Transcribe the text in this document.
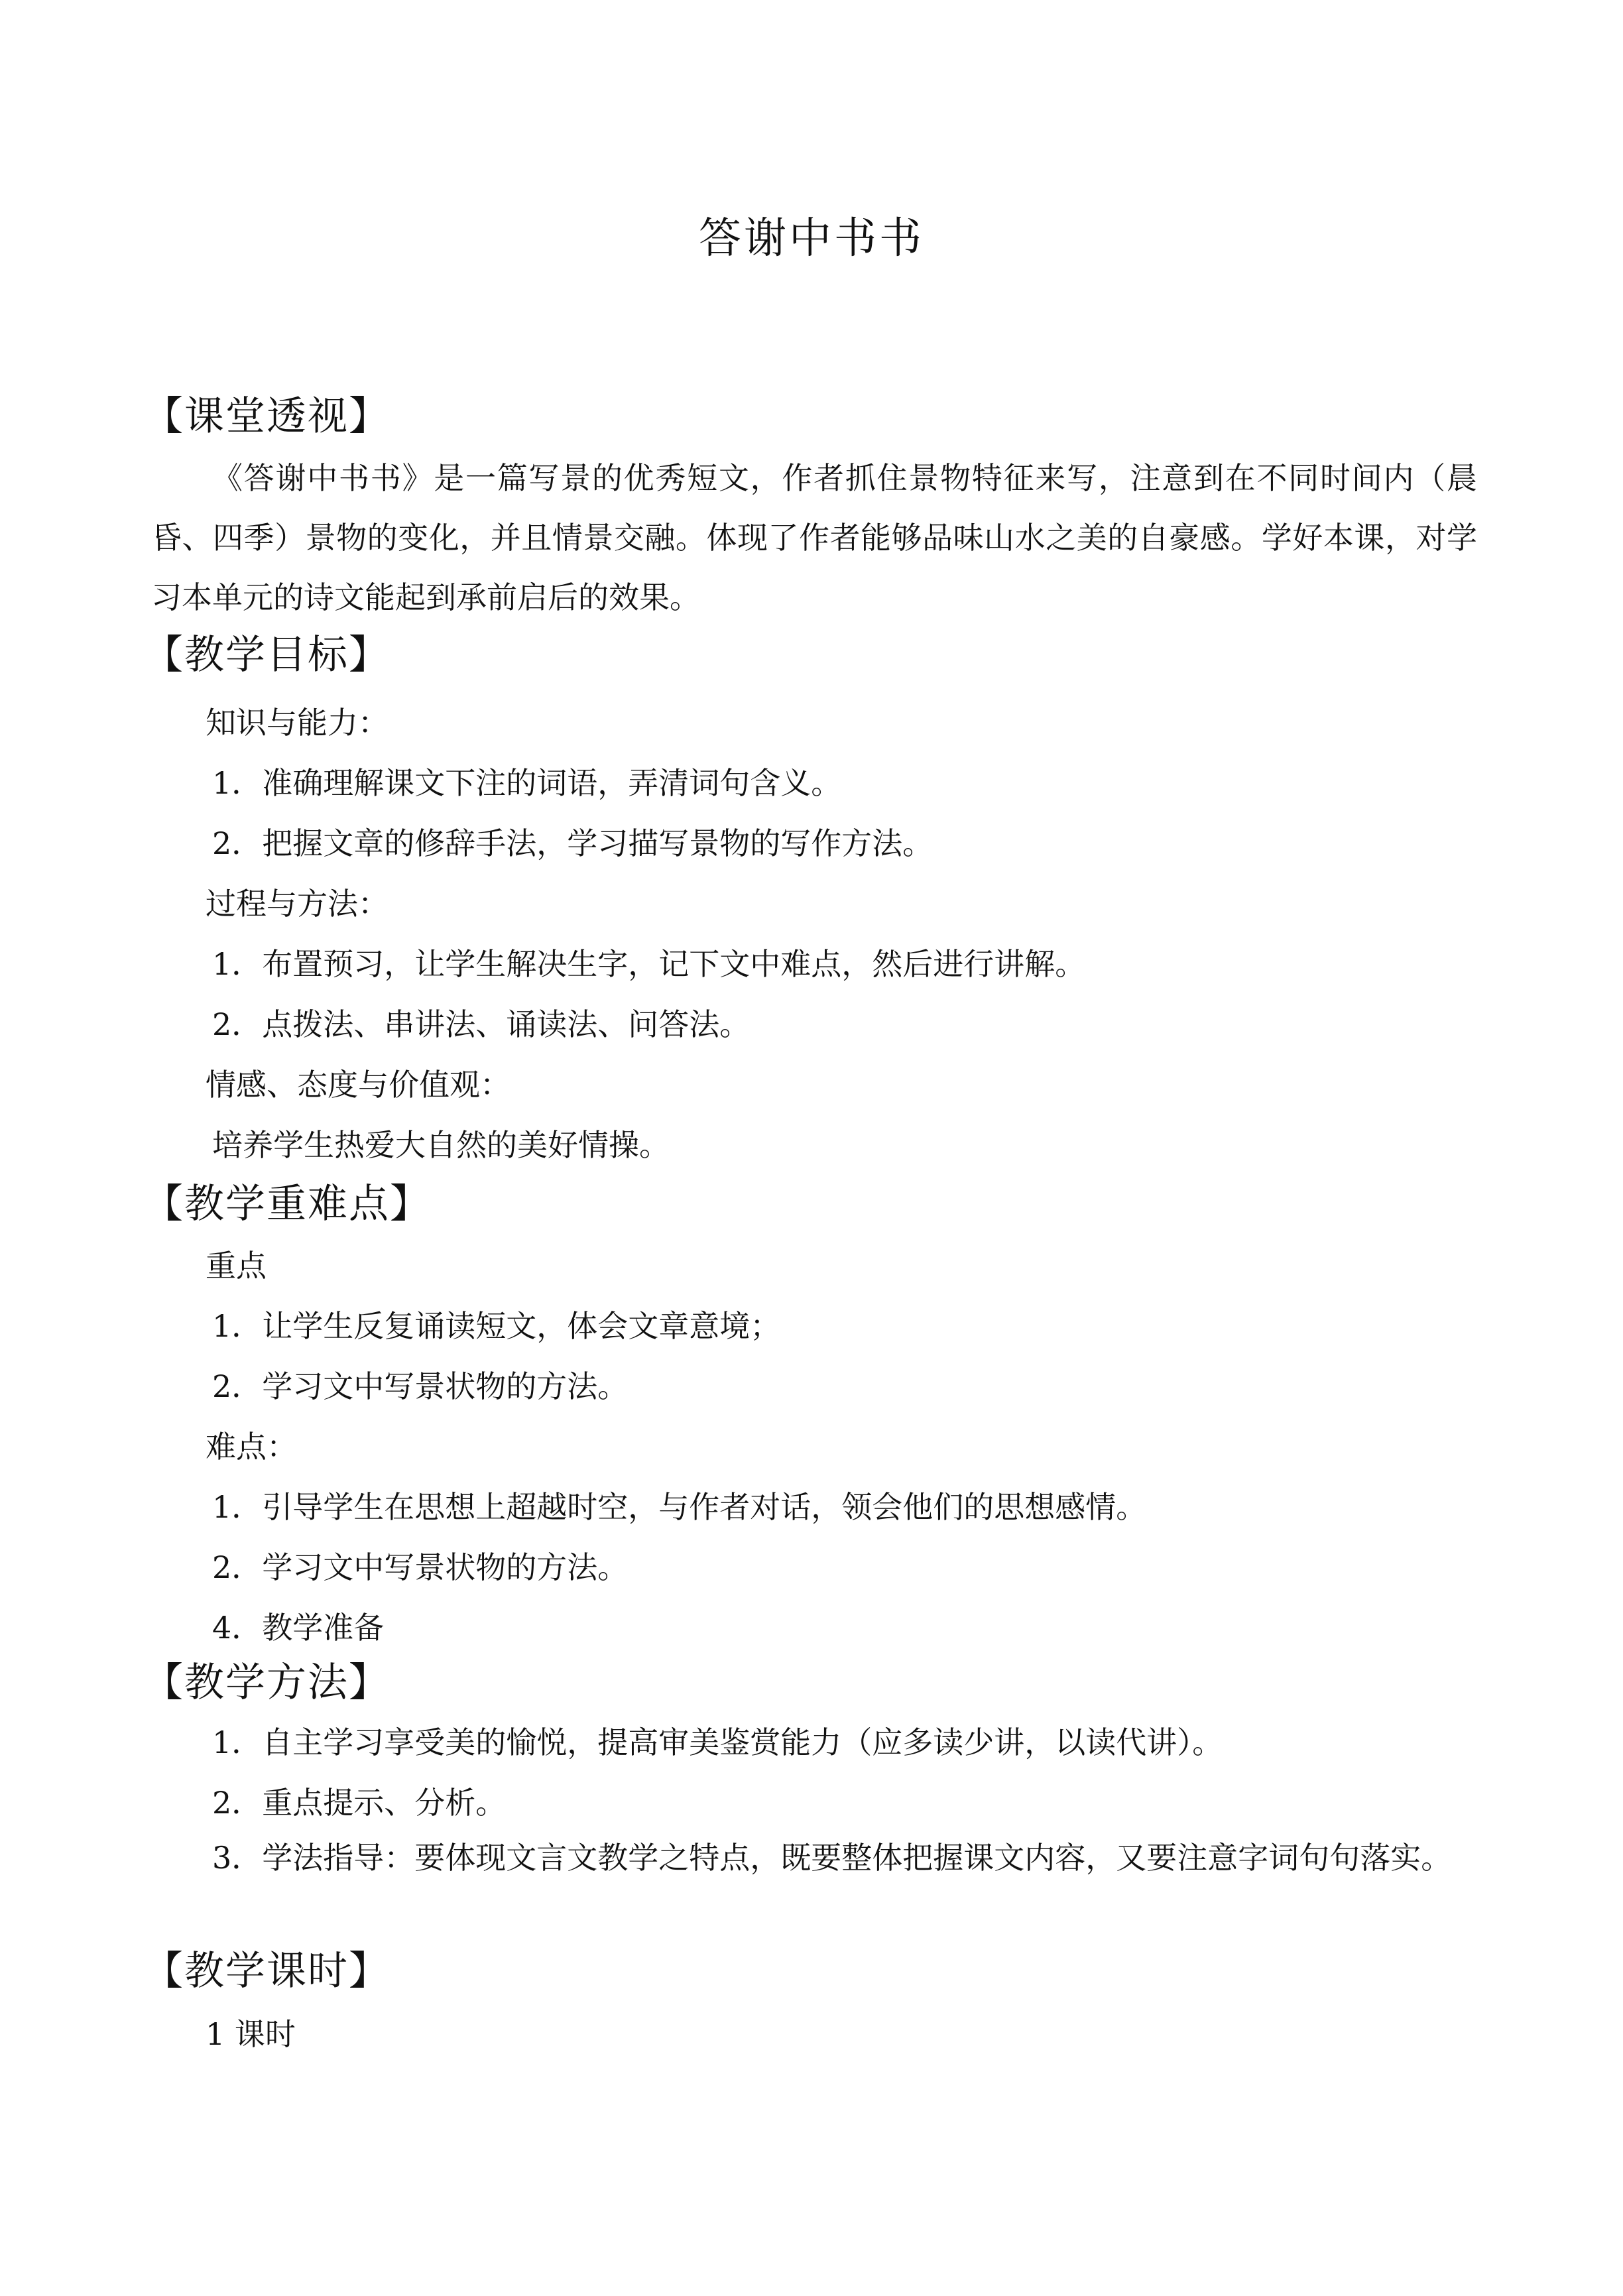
答谢中书书
【课堂透视】
《答谢中书书》是一篇写景的优秀短文，作者抓住景物特征来写，注意到在不同时间内（晨昏、四季）景物的变化，并且情景交融。体现了作者能够品味山水之美的自豪感。学好本课，对学习本单元的诗文能起到承前启后的效果。
【教学目标】
知识与能力：
1．准确理解课文下注的词语，弄清词句含义。
2．把握文章的修辞手法，学习描写景物的写作方法。
过程与方法：
1．布置预习，让学生解决生字，记下文中难点，然后进行讲解。
2．点拨法、串讲法、诵读法、问答法。
情感、态度与价值观：
培养学生热爱大自然的美好情操。
【教学重难点】
重点
1．让学生反复诵读短文，体会文章意境；
2．学习文中写景状物的方法。
难点：
1．引导学生在思想上超越时空，与作者对话，领会他们的思想感情。
2．学习文中写景状物的方法。
4．教学准备
【教学方法】
1．自主学习享受美的愉悦，提高审美鉴赏能力（应多读少讲，以读代讲）。
2．重点提示、分析。
3．学法指导：要体现文言文教学之特点，既要整体把握课文内容，又要注意字词句句落实。
【教学课时】
1 课时
